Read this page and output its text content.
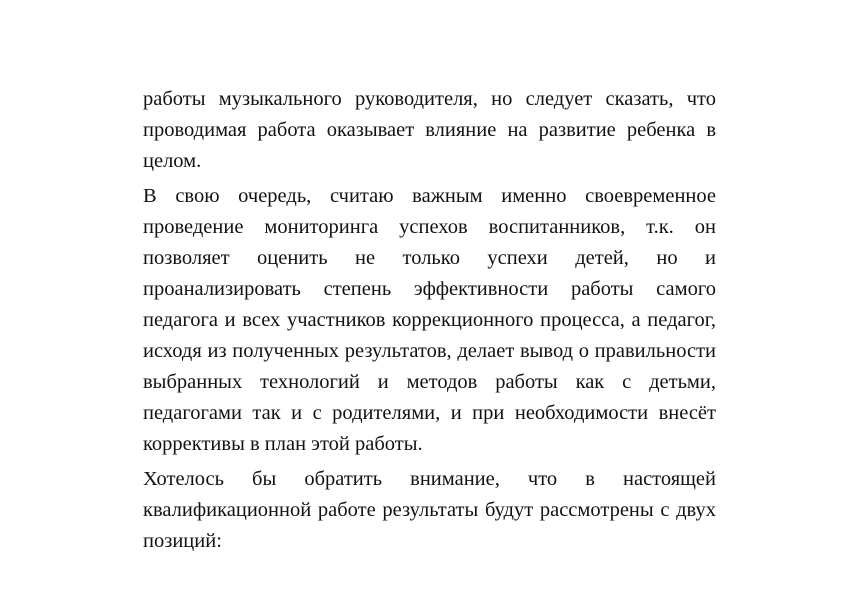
работы музыкального руководителя, но следует сказать, что проводимая работа оказывает влияние на развитие ребенка в целом.

В свою очередь, считаю важным именно своевременное проведение мониторинга успехов воспитанников, т.к. он позволяет оценить не только успехи детей, но и проанализировать степень эффективности работы самого педагога и всех участников коррекционного процесса, а педагог, исходя из полученных результатов, делает вывод о правильности выбранных технологий и методов работы как с детьми, педагогами так и с родителями, и при необходимости внесёт коррективы в план этой работы.

Хотелось бы обратить внимание, что в настоящей квалификационной работе результаты будут рассмотрены с двух позиций:
